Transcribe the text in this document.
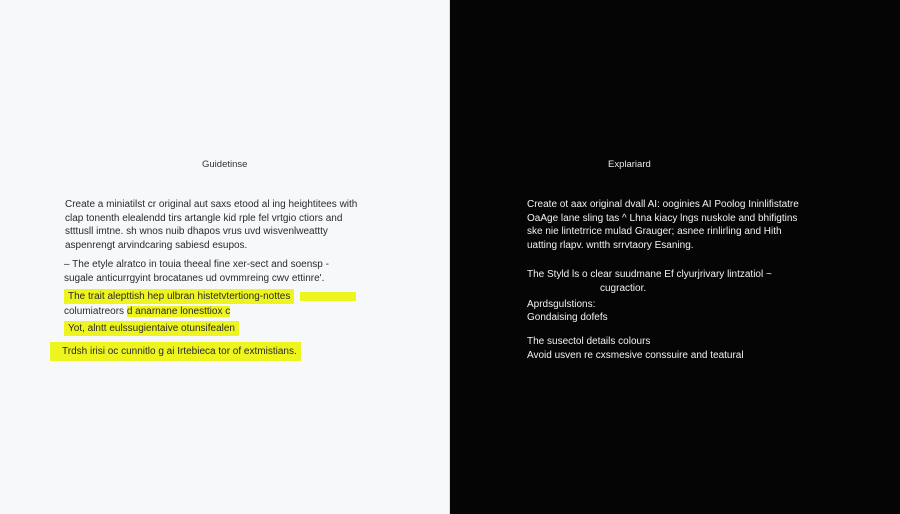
Guidetinse
Create a miniatilst cr original aut saxs etood al ing heightitees with
clap tonenth elealendd tirs artangle kid rple fel vrtgio ctiors and
stttusll imtne. sh wnos nuib dhapos vrus uvd wisvenlweattty
aspenrengt arvindcaring sabiesd esupos.
– The etyle alratco in touia theeal fine xer-sect and soensp -
sugale anticurrgyint brocatanes ud ovmmreing cwv ettinre'.
The trait alepttish hep ulbran histetvtertiong-nottes
columiatreors d anarnane lonesttiox c
Yot, alntt eulssugientaive otunsifealen
Trdsh irisi oc cunnitlo g ai Irtebieca tor of extmistians.
Explariard
Create ot aax original dvall AI: ooginies AI Poolog Ininlifistatre
OaAge lane sling tas ^ Lhna kiacy lngs nuskole and bhifigtins
ske nie lintetrrice mulad Grauger; asnee rinlirling and Hith
uatting rlapv. wntth srrvtaory Esaning.
The Styld ls o clear suudmane Ef clyurjrivary lintzatiol ~
cugractior.
Aprdsgulstions:
Gondaising dofefs
The susectol details colours
Avoid usven re cxsmesive conssuire and teatural
